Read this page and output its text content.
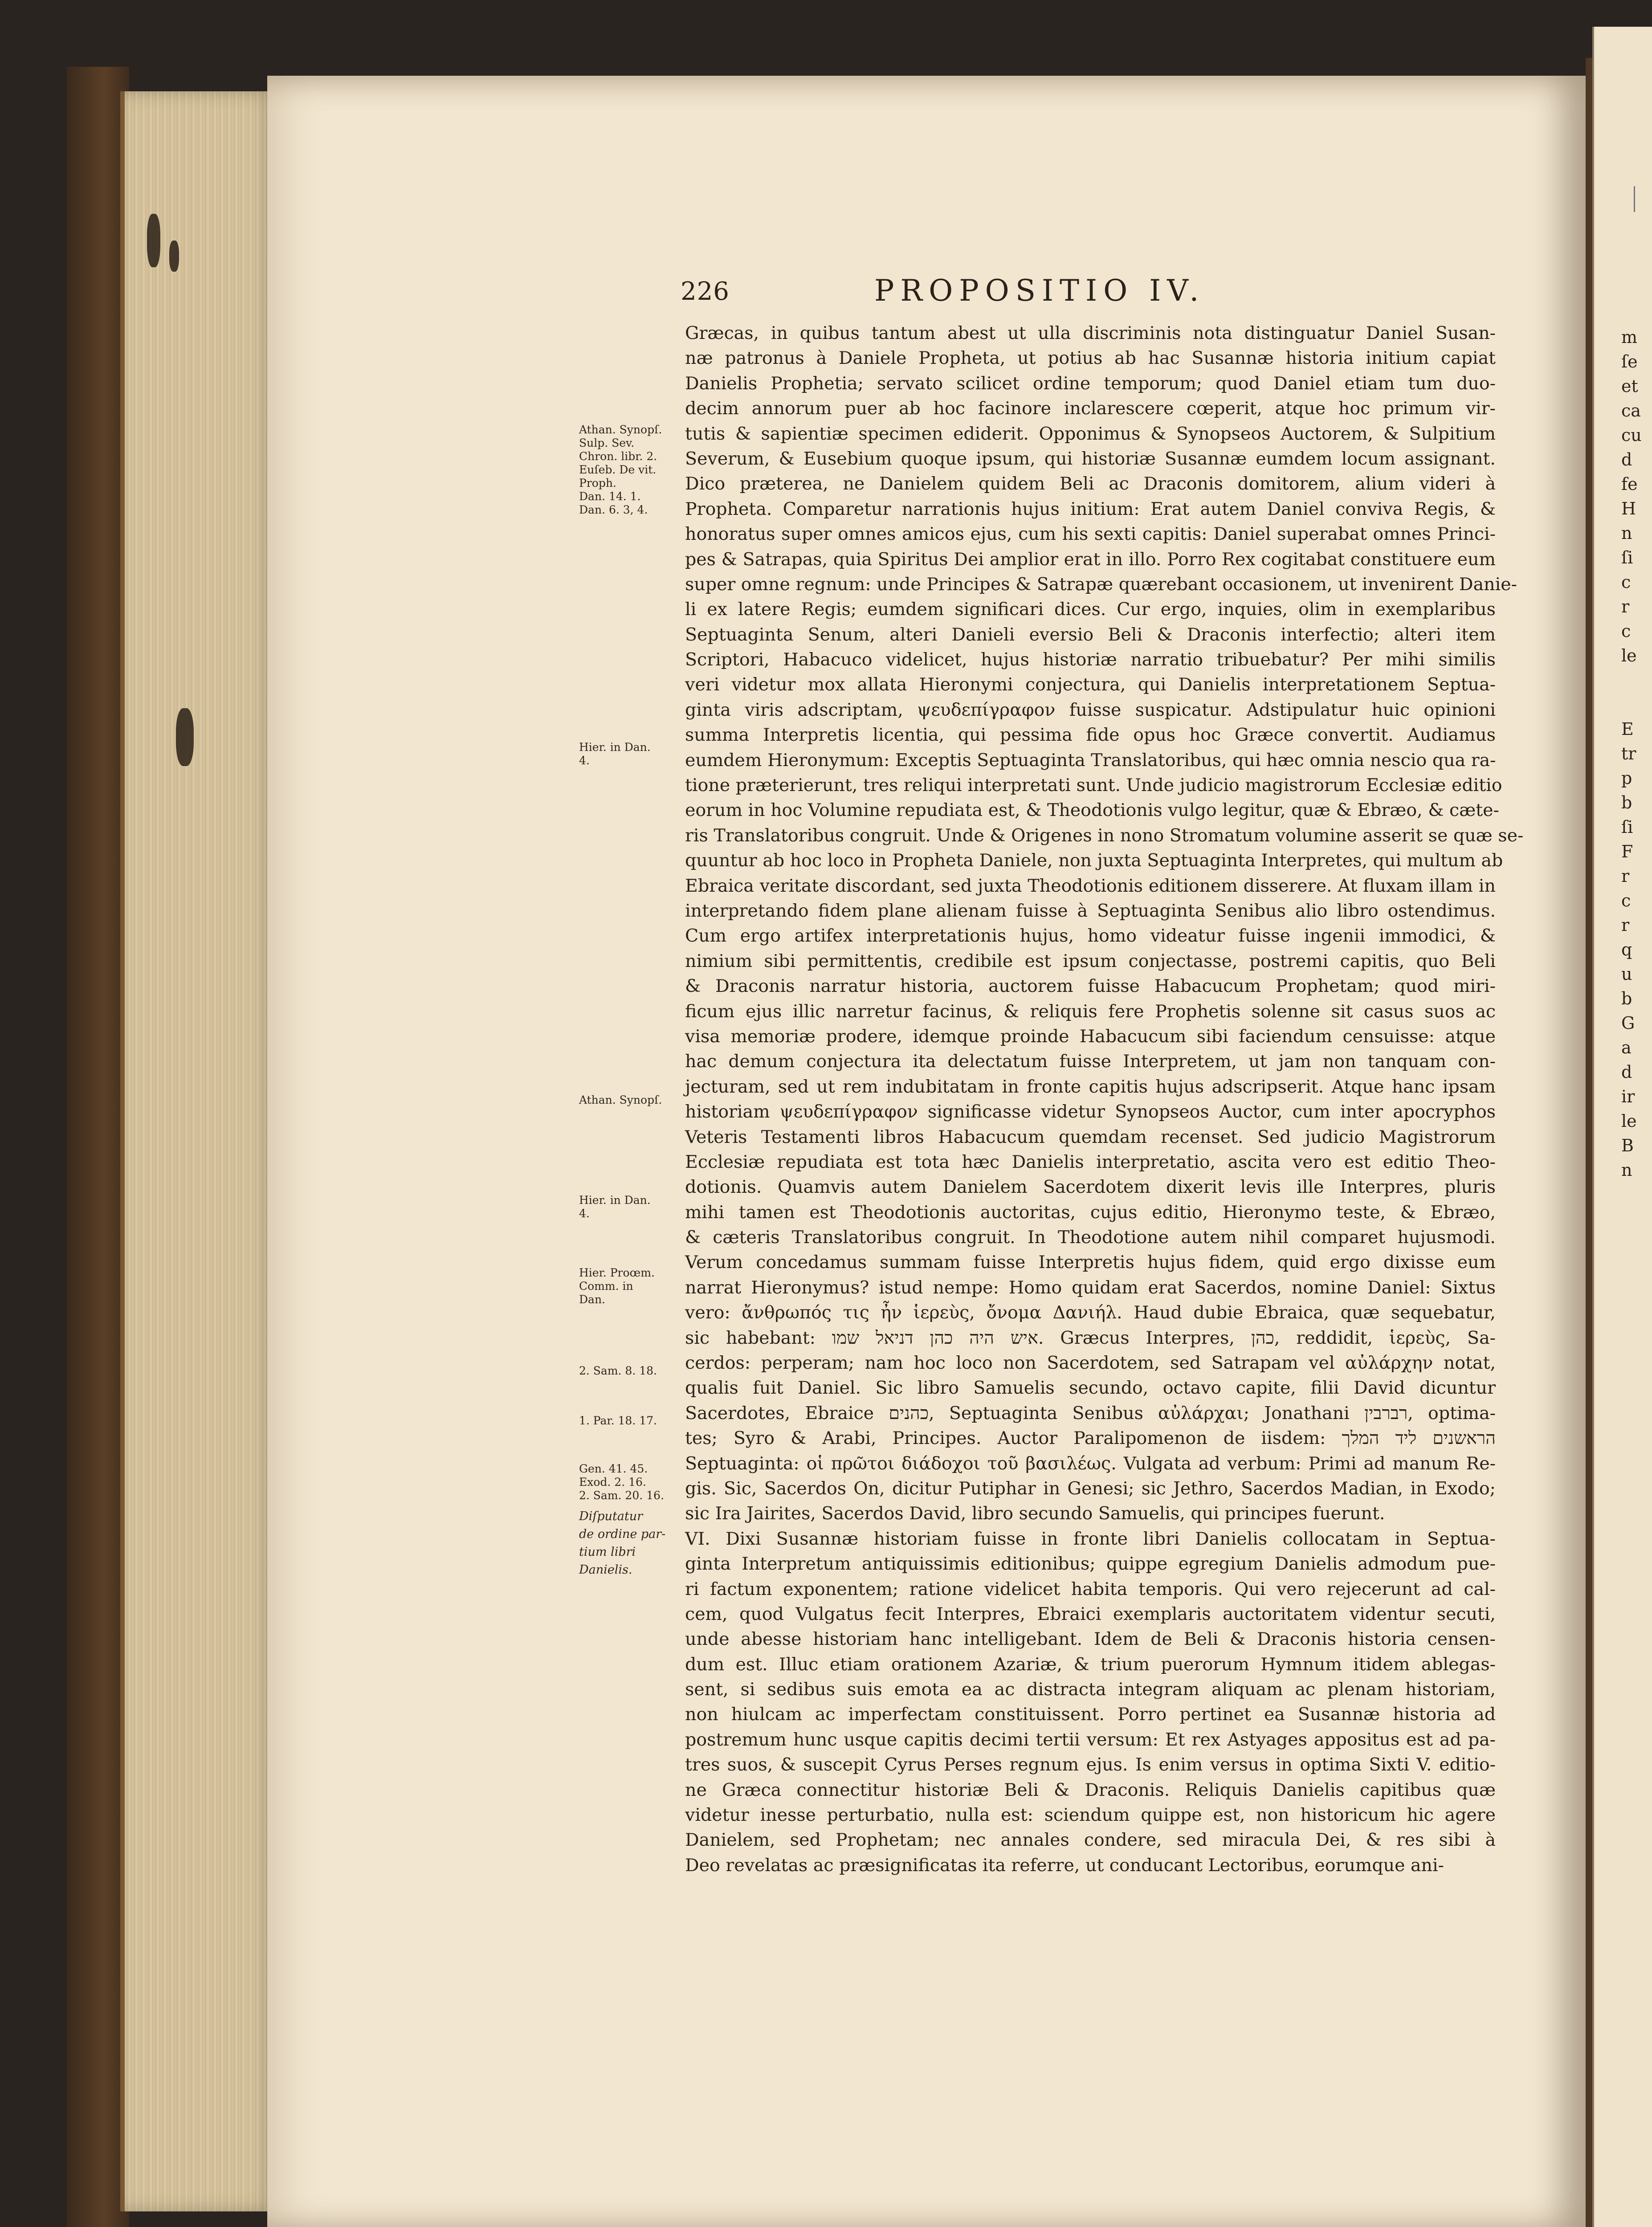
m
ſe
et
ca
cu
d
fe
H
n
ſi
c
r
c
le

E
tr
p
b
ſi
F
r
c
r
q
u
b
G
a
d
ir
le
B
n
226	PROPOSITIO IV.
Græcas, in quibus tantum abest ut ulla discriminis nota distinguatur Daniel Susan-
næ patronus à Daniele Propheta, ut potius ab hac Susannæ historia initium capiat
Danielis Prophetia; servato scilicet ordine temporum; quod Daniel etiam tum duo-
decim annorum puer ab hoc facinore inclarescere cœperit, atque hoc primum vir-
tutis & sapientiæ specimen ediderit. Opponimus & Synopseos Auctorem, & Sulpitium
Severum, & Eusebium quoque ipsum, qui historiæ Susannæ eumdem locum assignant.
Dico præterea, ne Danielem quidem Beli ac Draconis domitorem, alium videri à
Propheta. Comparetur narrationis hujus initium: Erat autem Daniel conviva Regis, &
honoratus super omnes amicos ejus, cum his sexti capitis: Daniel superabat omnes Princi-
pes & Satrapas, quia Spiritus Dei amplior erat in illo. Porro Rex cogitabat constituere eum
super omne regnum: unde Principes & Satrapæ quærebant occasionem, ut invenirent Danie-
li ex latere Regis; eumdem significari dices. Cur ergo, inquies, olim in exemplaribus
Septuaginta Senum, alteri Danieli eversio Beli & Draconis interfectio; alteri item
Scriptori, Habacuco videlicet, hujus historiæ narratio tribuebatur? Per mihi similis
veri videtur mox allata Hieronymi conjectura, qui Danielis interpretationem Septua-
ginta viris adscriptam, ψευδεπίγραφον fuisse suspicatur. Adstipulatur huic opinioni
summa Interpretis licentia, qui pessima fide opus hoc Græce convertit. Audiamus
eumdem Hieronymum: Exceptis Septuaginta Translatoribus, qui hæc omnia nescio qua ra-
tione præterierunt, tres reliqui interpretati sunt. Unde judicio magistrorum Ecclesiæ editio
eorum in hoc Volumine repudiata est, & Theodotionis vulgo legitur, quæ & Ebræo, & cæte-
ris Translatoribus congruit. Unde & Origenes in nono Stromatum volumine asserit se quæ se-
quuntur ab hoc loco in Propheta Daniele, non juxta Septuaginta Interpretes, qui multum ab
Ebraica veritate discordant, sed juxta Theodotionis editionem disserere. At fluxam illam in
interpretando fidem plane alienam fuisse à Septuaginta Senibus alio libro ostendimus.
Cum ergo artifex interpretationis hujus, homo videatur fuisse ingenii immodici, &
nimium sibi permittentis, credibile est ipsum conjectasse, postremi capitis, quo Beli
& Draconis narratur historia, auctorem fuisse Habacucum Prophetam; quod miri-
ficum ejus illic narretur facinus, & reliquis fere Prophetis solenne sit casus suos ac
visa memoriæ prodere, idemque proinde Habacucum sibi faciendum censuisse: atque
hac demum conjectura ita delectatum fuisse Interpretem, ut jam non tanquam con-
jecturam, sed ut rem indubitatam in fronte capitis hujus adscripserit. Atque hanc ipsam
historiam ψευδεπίγραφον significasse videtur Synopseos Auctor, cum inter apocryphos
Veteris Testamenti libros Habacucum quemdam recenset. Sed judicio Magistrorum
Ecclesiæ repudiata est tota hæc Danielis interpretatio, ascita vero est editio Theo-
dotionis. Quamvis autem Danielem Sacerdotem dixerit levis ille Interpres, pluris
mihi tamen est Theodotionis auctoritas, cujus editio, Hieronymo teste, & Ebræo,
& cæteris Translatoribus congruit. In Theodotione autem nihil comparet hujusmodi.
Verum concedamus summam fuisse Interpretis hujus fidem, quid ergo dixisse eum
narrat Hieronymus? istud nempe: Homo quidam erat Sacerdos, nomine Daniel: Sixtus
vero: ἄνθρωπός τις ἦν ἱερεὺς, ὄνομα Δανιήλ. Haud dubie Ebraica, quæ sequebatur,
sic habebant: איש היה כהן דניאל שמו. Græcus Interpres, כהן, reddidit, ἱερεὺς, Sa-
cerdos: perperam; nam hoc loco non Sacerdotem, sed Satrapam vel αὐλάρχην notat,
qualis fuit Daniel. Sic libro Samuelis secundo, octavo capite, filii David dicuntur
Sacerdotes, Ebraice כהנים, Septuaginta Senibus αὐλάρχαι; Jonathani רברבין, optima-
tes; Syro & Arabi, Principes. Auctor Paralipomenon de iisdem: הראשנים ליד המלך
Septuaginta: οἱ πρῶτοι διάδοχοι τοῦ βασιλέως. Vulgata ad verbum: Primi ad manum Re-
gis. Sic, Sacerdos On, dicitur Putiphar in Genesi; sic Jethro, Sacerdos Madian, in Exodo;
sic Ira Jairites, Sacerdos David, libro secundo Samuelis, qui principes fuerunt.
VI. Dixi Susannæ historiam fuisse in fronte libri Danielis collocatam in Septua-
ginta Interpretum antiquissimis editionibus; quippe egregium Danielis admodum pue-
ri factum exponentem; ratione videlicet habita temporis. Qui vero rejecerunt ad cal-
cem, quod Vulgatus fecit Interpres, Ebraici exemplaris auctoritatem videntur secuti,
unde abesse historiam hanc intelligebant. Idem de Beli & Draconis historia censen-
dum est. Illuc etiam orationem Azariæ, & trium puerorum Hymnum itidem ablegas-
sent, si sedibus suis emota ea ac distracta integram aliquam ac plenam historiam,
non hiulcam ac imperfectam constituissent. Porro pertinet ea Susannæ historia ad
postremum hunc usque capitis decimi tertii versum: Et rex Astyages appositus est ad pa-
tres suos, & suscepit Cyrus Perses regnum ejus. Is enim versus in optima Sixti V. editio-
ne Græca connectitur historiæ Beli & Draconis. Reliquis Danielis capitibus quæ
videtur inesse perturbatio, nulla est: sciendum quippe est, non historicum hic agere
Danielem, sed Prophetam; nec annales condere, sed miracula Dei, & res sibi à
Deo revelatas ac præsignificatas ita referre, ut conducant Lectoribus, eorumque ani-
Athan. Synopſ.
Sulp. Sev.
Chron. libr.
Euſeb. De vit.
Proph.
Dan. 14. 1.
Dan. 6. 3, 4.
Hier. in Dan.
4.
Athan. Synopſ.
Hier. in Dan.
4.
Hier. Proœm.
Comm. in
Dan.
2. Sam. 8. 18.
1. Par. 18. 17.
Gen. 41. 45.
Exod. 2. 16.
2. Sam. 20.
Diſputatur
de ordine
tium libri
Danielis.
